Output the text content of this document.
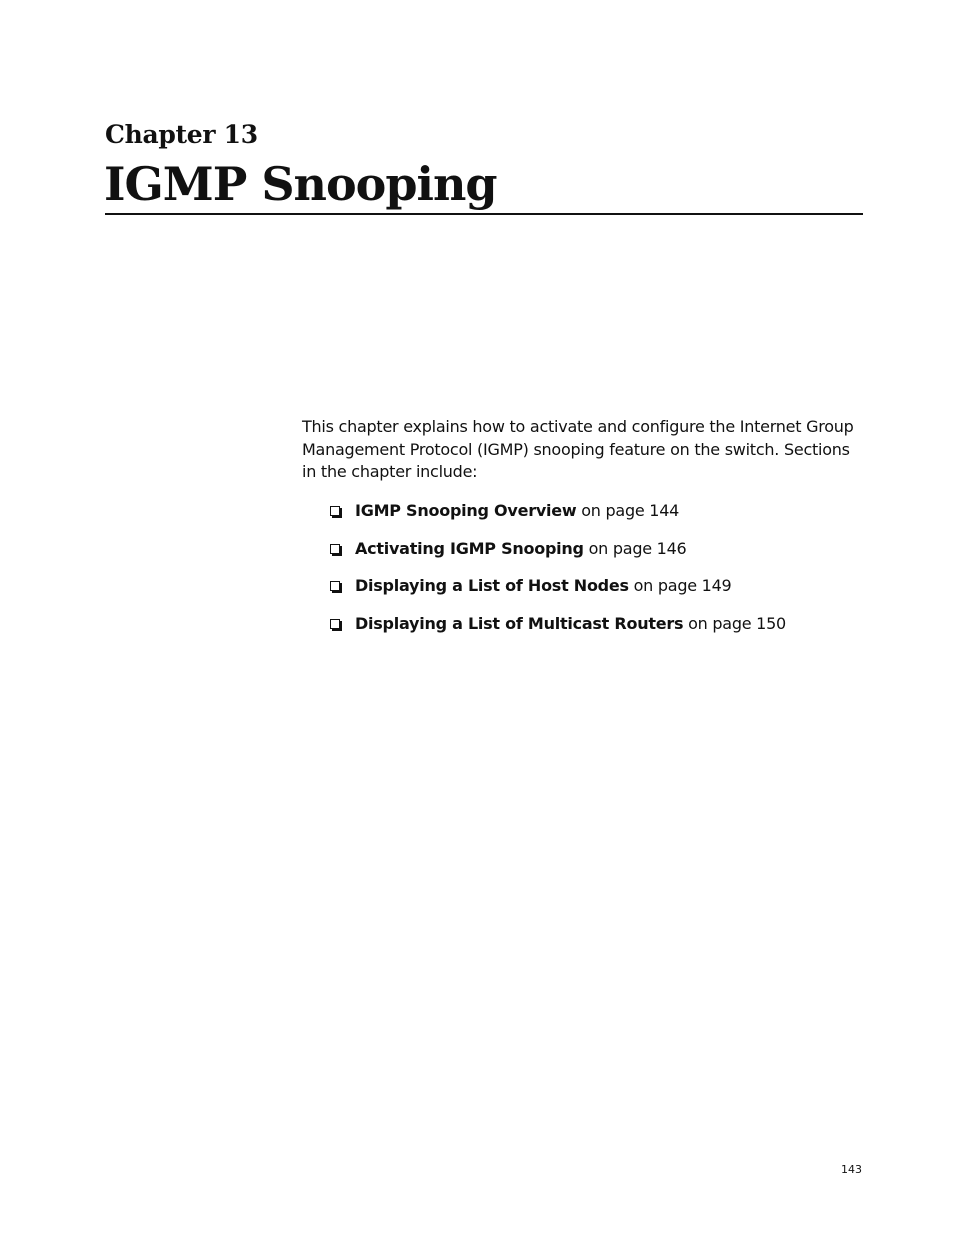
Chapter 13
IGMP Snooping

This chapter explains how to activate and configure the Internet Group Management Protocol (IGMP) snooping feature on the switch. Sections in the chapter include:

IGMP Snooping Overview on page 144
Activating IGMP Snooping on page 146
Displaying a List of Host Nodes on page 149
Displaying a List of Multicast Routers on page 150
143
